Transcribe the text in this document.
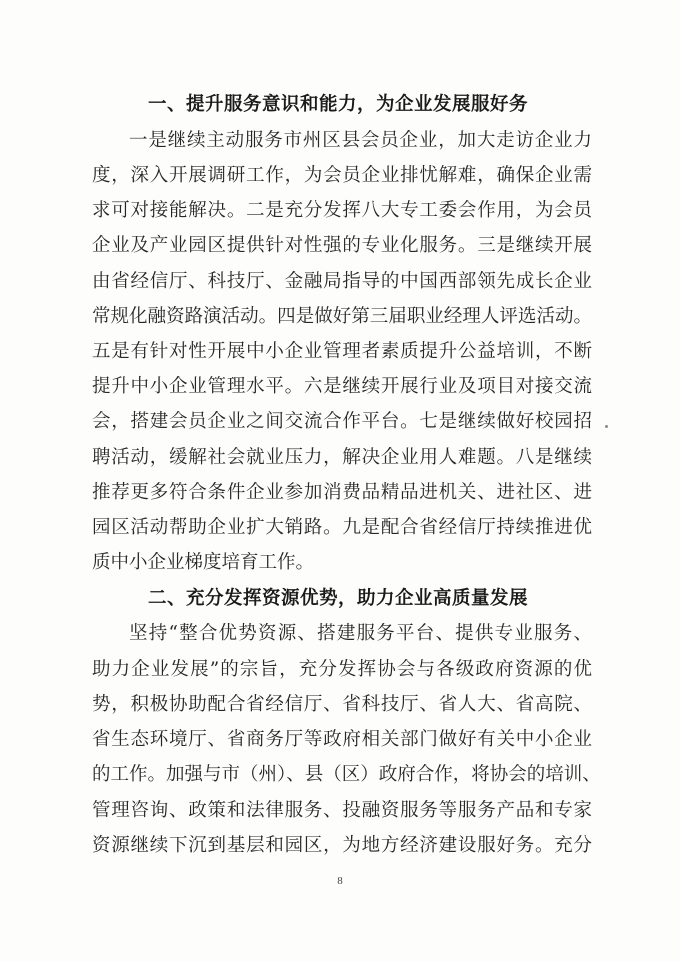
一、提升服务意识和能力，为企业发展服好务

一是继续主动服务市州区县会员企业，加大走访企业力

度，深入开展调研工作，为会员企业排忧解难，确保企业需

求可对接能解决。二是充分发挥八大专工委会作用，为会员

企业及产业园区提供针对性强的专业化服务。三是继续开展

由省经信厅、科技厅、金融局指导的中国西部领先成长企业

常规化融资路演活动。四是做好第三届职业经理人评选活动。

五是有针对性开展中小企业管理者素质提升公益培训，不断

提升中小企业管理水平。六是继续开展行业及项目对接交流

会，搭建会员企业之间交流合作平台。七是继续做好校园招

聘活动，缓解社会就业压力，解决企业用人难题。八是继续

推荐更多符合条件企业参加消费品精品进机关、进社区、进

园区活动帮助企业扩大销路。九是配合省经信厅持续推进优

质中小企业梯度培育工作。

二、充分发挥资源优势，助力企业高质量发展

坚持“整合优势资源、搭建服务平台、提供专业服务、

助力企业发展”的宗旨，充分发挥协会与各级政府资源的优

势，积极协助配合省经信厅、省科技厅、省人大、省高院、

省生态环境厅、省商务厅等政府相关部门做好有关中小企业

的工作。加强与市（州）、县（区）政府合作，将协会的培训、

管理咨询、政策和法律服务、投融资服务等服务产品和专家

资源继续下沉到基层和园区，为地方经济建设服好务。充分

8
